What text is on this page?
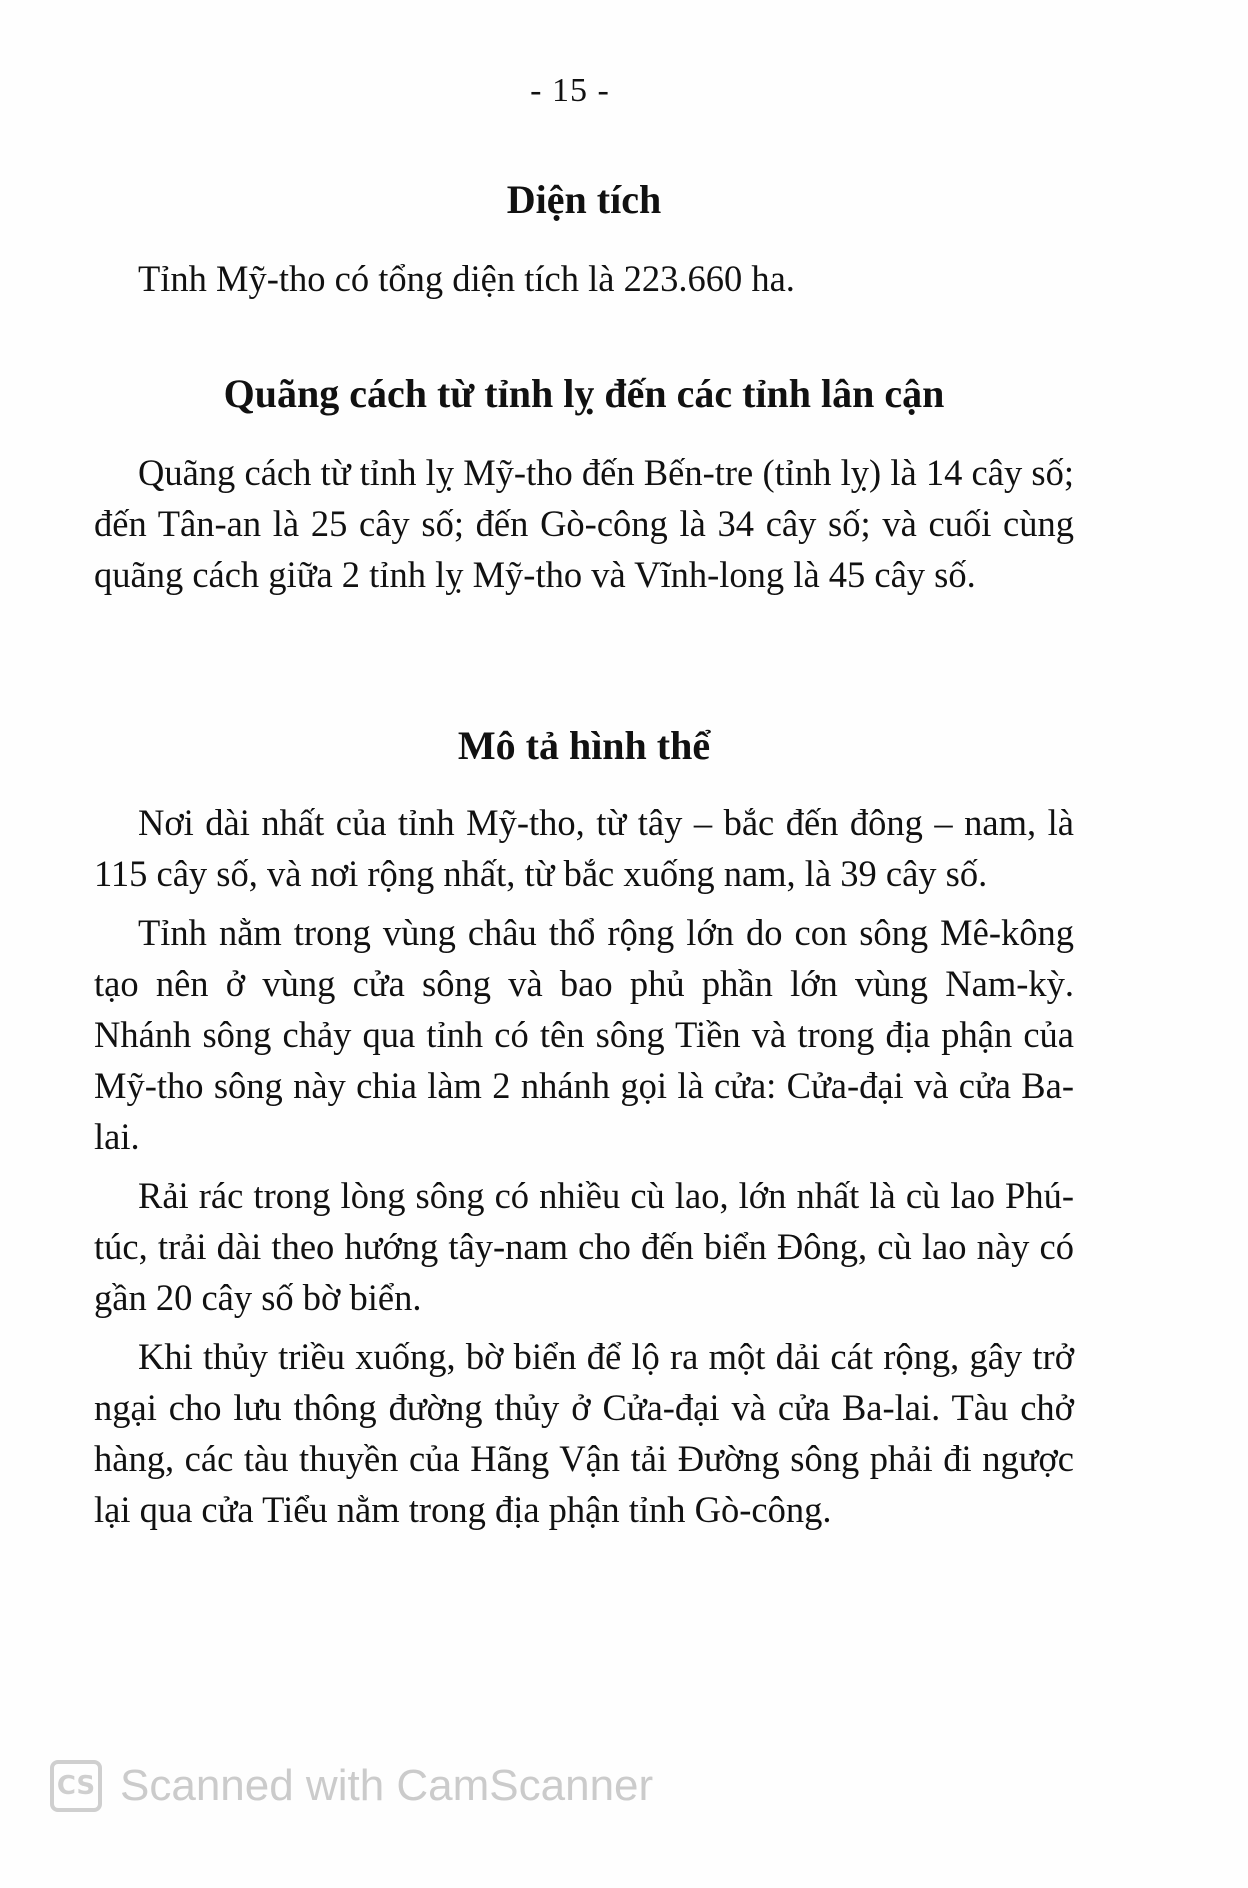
- 15 -
Diện tích

Tỉnh Mỹ-tho có tổng diện tích là 223.660 ha.

Quãng cách từ tỉnh lỵ đến các tỉnh lân cận

Quãng cách từ tỉnh lỵ Mỹ-tho đến Bến-tre (tỉnh lỵ) là 14 cây số; đến Tân-an là 25 cây số; đến Gò-công là 34 cây số; và cuối cùng quãng cách giữa 2 tỉnh lỵ Mỹ-tho và Vĩnh-long là 45 cây số.

Mô tả hình thể

Nơi dài nhất của tỉnh Mỹ-tho, từ tây – bắc đến đông – nam, là 115 cây số, và nơi rộng nhất, từ bắc xuống nam, là 39 cây số.

Tỉnh nằm trong vùng châu thổ rộng lớn do con sông Mê-kông tạo nên ở vùng cửa sông và bao phủ phần lớn vùng Nam-kỳ. Nhánh sông chảy qua tỉnh có tên sông Tiền và trong địa phận của Mỹ-tho sông này chia làm 2 nhánh gọi là cửa: Cửa-đại và cửa Ba-lai.

Rải rác trong lòng sông có nhiều cù lao, lớn nhất là cù lao Phú-túc, trải dài theo hướng tây-nam cho đến biển Đông, cù lao này có gần 20 cây số bờ biển.

Khi thủy triều xuống, bờ biển để lộ ra một dải cát rộng, gây trở ngại cho lưu thông đường thủy ở Cửa-đại và cửa Ba-lai. Tàu chở hàng, các tàu thuyền của Hãng Vận tải Đường sông phải đi ngược lại qua cửa Tiểu nằm trong địa phận tỉnh Gò-công.

CS Scanned with CamScanner
